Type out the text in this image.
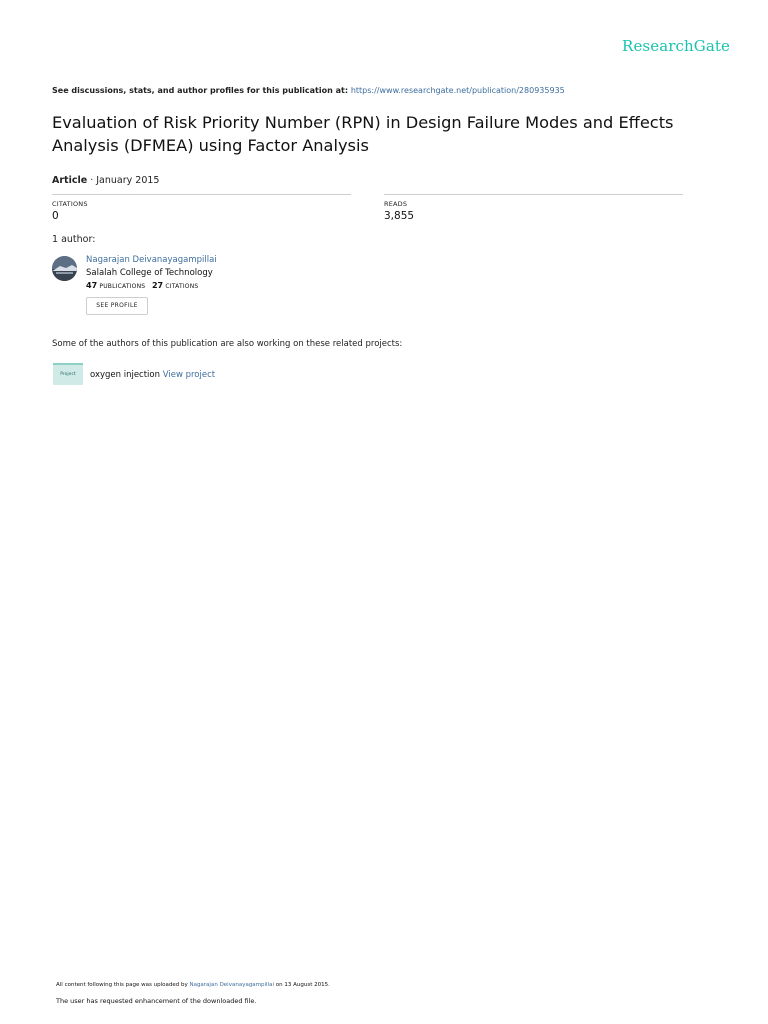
ResearchGate
See discussions, stats, and author profiles for this publication at: https://www.researchgate.net/publication/280935935
Evaluation of Risk Priority Number (RPN) in Design Failure Modes and Effects Analysis (DFMEA) using Factor Analysis
Article · January 2015
CITATIONS
0
READS
3,855
1 author:
Nagarajan Deivanayagampillai
Salalah College of Technology
47 PUBLICATIONS 27 CITATIONS
SEE PROFILE
Some of the authors of this publication are also working on these related projects:
Project	oxygen injection View project
All content following this page was uploaded by Nagarajan Deivanayagampillai on 13 August 2015.
The user has requested enhancement of the downloaded file.
